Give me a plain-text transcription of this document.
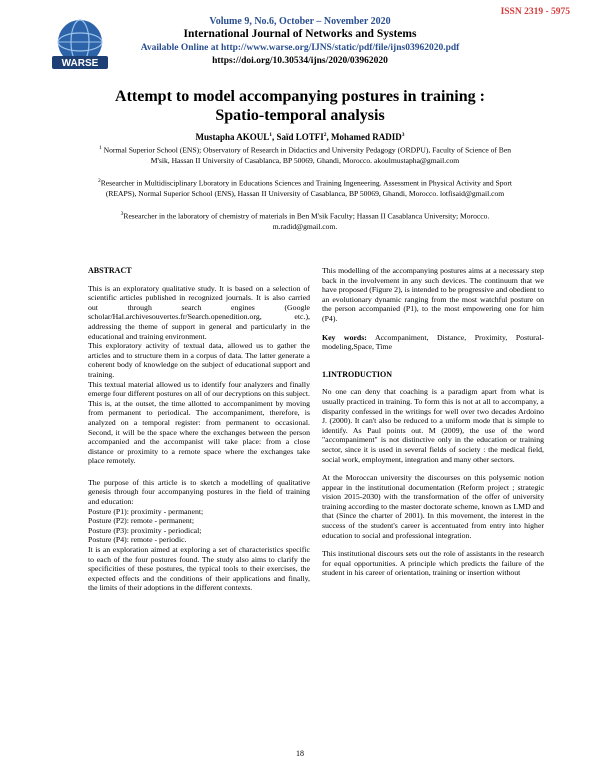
ISSN 2319 - 5975
WARSE
Volume 9, No.6, October – November 2020
International Journal of Networks and Systems
Available Online at http://www.warse.org/IJNS/static/pdf/file/ijns03962020.pdf
https://doi.org/10.30534/ijns/2020/03962020
Attempt to model accompanying postures in training :
Spatio-temporal analysis
Mustapha AKOUL$^1$, Saïd LOTFI$^2$, Mohamed RADID$^3$
$^1$ Normal Superior School (ENS); Observatory of Research in Didactics and University Pedagogy (ORDPU), Faculty of Science of Ben M'sik, Hassan II University of Casablanca, BP 50069, Ghandi, Morocco. akoulmustapha@gmail.com
$^2$Researcher in Multidisciplinary Lboratory in Educations Sciences and Training Ingeneering. Assessment in Physical Activity and Sport (REAPS), Normal Superior School (ENS), Hassan II University of Casablanca, BP 50069, Ghandi, Morocco. lotfisaid@gmail.com
$^3$Researcher in the laboratory of chemistry of materials in Ben M'sik Faculty; Hassan II Casablanca University; Morocco. m.radid@gmail.com.
ABSTRACT

This is an exploratory qualitative study. It is based on a selection of scientific articles published in recognized journals. It is also carried out through search engines (Google scholar/Hal.archivesouvertes.fr/Search.openedition.org, etc.), addressing the theme of support in general and particularly in the educational and training environment.

This exploratory activity of textual data, allowed us to gather the articles and to structure them in a corpus of data. The latter generate a coherent body of knowledge on the subject of educational support and training.

This textual material allowed us to identify four analyzers and finally emerge four different postures on all of our decryptions on this subject. This is, at the outset, the time allotted to accompaniment by moving from permanent to periodical. The accompaniment, therefore, is analyzed on a temporal register: from permanent to occasional. Second, it will be the space where the exchanges between the person accompanied and the accompanist will take place: from a close distance or proximity to a remote space where the exchanges take place remotely.

The purpose of this article is to sketch a modelling of qualitative genesis through four accompanying postures in the field of training and education:

Posture (P1): proximity - permanent;
Posture (P2): remote - permanent;
Posture (P3): proximity - periodical;
Posture (P4): remote - periodic.

It is an exploration aimed at exploring a set of characteristics specific to each of the four postures found. The study also aims to clarify the specificities of these postures, the typical tools to their exercises, the expected effects and the conditions of their applications and finally, the limits of their adoptions in the different contexts.

This modelling of the accompanying postures aims at a necessary step back in the involvement in any such devices. The continuum that we have proposed (Figure 2), is intended to be progressive and obedient to an evolutionary dynamic ranging from the most watchful posture on the person accompanied (P1), to the most empowering one for him (P4).

Key words: Accompaniment, Distance, Proximity, Postural-modeling,Space, Time

1.INTRODUCTION

No one can deny that coaching is a paradigm apart from what is usually practiced in training. To form this is not at all to accompany, a disparity confessed in the writings for well over two decades Ardoino J. (2000). It can't also be reduced to a uniform mode that is simple to identify. As Paul points out. M (2009), the use of the word "accompaniment" is not distinctive only in the education or training sector, since it is used in several fields of society : the medical field, social work, employment, integration and many other sectors.

At the Moroccan university the discourses on this polysemic notion appear in the institutional documentation (Reform project ; strategic vision 2015-2030) with the transformation of the offer of university training according to the master doctorate scheme, known as LMD and that (Since the charter of 2001). In this movement, the interest in the success of the student's career is accentuated from entry into higher education to social and professional integration.

This institutional discours sets out the role of assistants in the research for equal opportunities. A principle which predicts the failure of the student in his career of orientation, training or insertion without

18
